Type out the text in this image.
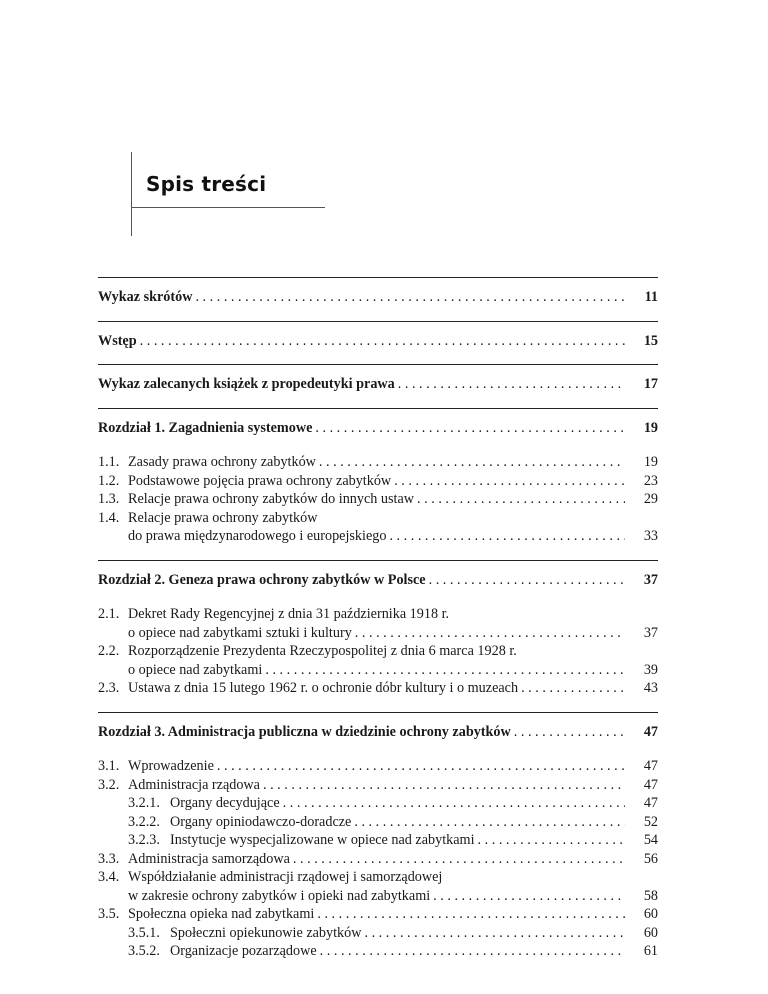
Spis treści
Wykaz skrótów . . .	11
Wstęp . . .	15
Wykaz zalecanych książek z propedeutyki prawa . . .	17
Rozdział 1. Zagadnienia systemowe . . .	19
1.1. Zasady prawa ochrony zabytków . . .	19
1.2. Podstawowe pojęcia prawa ochrony zabytków . . .	23
1.3. Relacje prawa ochrony zabytków do innych ustaw . . .	29
1.4. Relacje prawa ochrony zabytków
do prawa międzynarodowego i europejskiego . . .	33
Rozdział 2. Geneza prawa ochrony zabytków w Polsce . . .	37
2.1. Dekret Rady Regencyjnej z dnia 31 października 1918 r.
o opiece nad zabytkami sztuki i kultury . . .	37
2.2. Rozporządzenie Prezydenta Rzeczypospolitej z dnia 6 marca 1928 r.
o opiece nad zabytkami . . .	39
2.3. Ustawa z dnia 15 lutego 1962 r. o ochronie dóbr kultury i o muzeach . . .	43
Rozdział 3. Administracja publiczna w dziedzinie ochrony zabytków . . .	47
3.1. Wprowadzenie . . .	47
3.2. Administracja rządowa . . .	47
3.2.1. Organy decydujące . . .	47
3.2.2. Organy opiniodawczo-doradcze . . .	52
3.2.3. Instytucje wyspecjalizowane w opiece nad zabytkami . . .	54
3.3. Administracja samorządowa . . .	56
3.4. Współdziałanie administracji rządowej i samorządowej
w zakresie ochrony zabytków i opieki nad zabytkami . . .	58
3.5. Społeczna opieka nad zabytkami . . .	60
3.5.1. Społeczni opiekunowie zabytków . . .	60
3.5.2. Organizacje pozarządowe . . .	61
